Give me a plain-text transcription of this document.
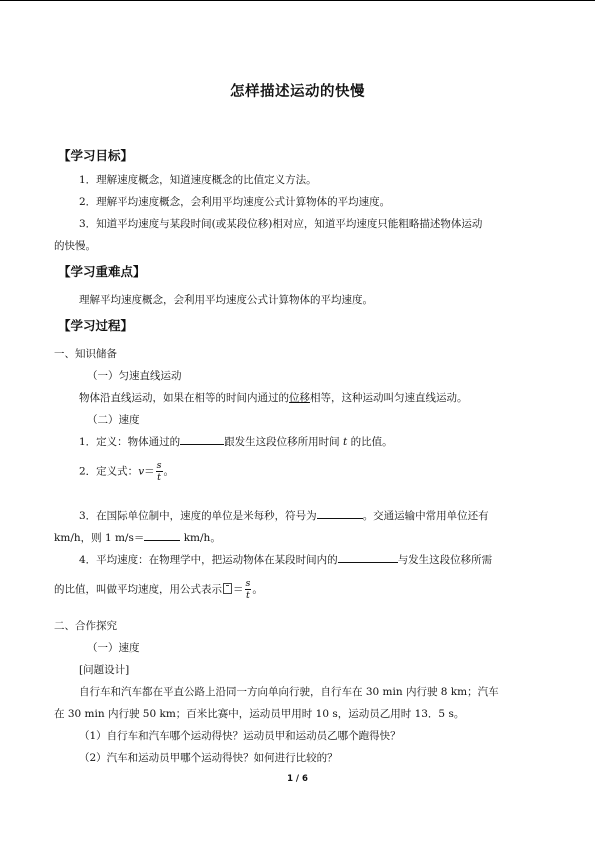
怎样描述运动的快慢
【学习目标】
1．理解速度概念，知道速度概念的比值定义方法。
2．理解平均速度概念，会利用平均速度公式计算物体的平均速度。
3．知道平均速度与某段时间(或某段位移)相对应，知道平均速度只能粗略描述物体运动
的快慢。
【学习重难点】
理解平均速度概念，会利用平均速度公式计算物体的平均速度。
【学习过程】
一、知识储备
（一）匀速直线运动
物体沿直线运动，如果在相等的时间内通过的位移相等，这种运动叫匀速直线运动。
（二）速度
1．定义：物体通过的	跟发生这段位移所用时间 t 的比值。
2．定义式：$v= \frac{s}{t}$ 。
3．在国际单位制中，速度的单位是米每秒，符号为	。交通运输中常用单位还有
km/h，则 1 m/s＝	km/h。
4．平均速度：在物理学中，把运动物体在某段时间内的	与发生这段位移所需
的比值，叫做平均速度，用公式表示 ＝ $\frac{s}{t}$ 。
二、合作探究
（一）速度
[问题设计]
自行车和汽车都在平直公路上沿同一方向单向行驶，自行车在 30 min 内行驶 8 km；汽车
在 30 min 内行驶 50 km；百米比赛中，运动员甲用时 10 s，运动员乙用时 13．5 s。
（1）自行车和汽车哪个运动得快？运动员甲和运动员乙哪个跑得快？
（2）汽车和运动员甲哪个运动得快？如何进行比较的？
1 / 6
